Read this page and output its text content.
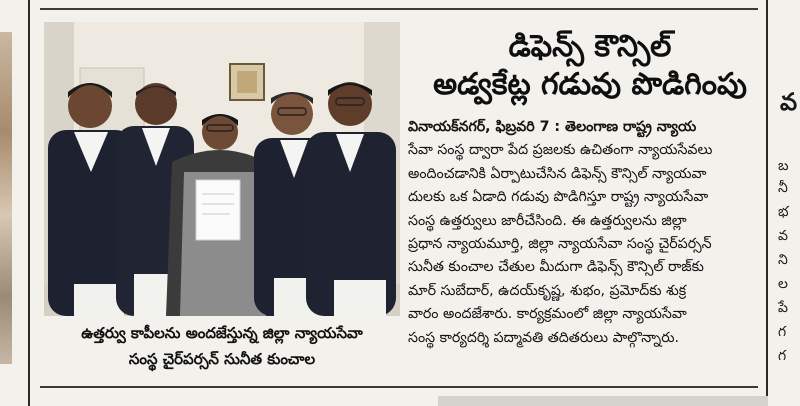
ఉత్తర్వు కాపీలను అందజేస్తున్న జిల్లా న్యాయసేవా
సంస్థ చైర్‌పర్సన్ సునీత కుంచాల
డిఫెన్స్ కౌన్సిల్
అడ్వకేట్ల గడువు పొడిగింపు
వినాయక్‌నగర్, ఫిబ్రవరి 7 : తెలంగాణ రాష్ట్ర న్యాయ
సేవా సంస్థ ద్వారా పేద ప్రజలకు ఉచితంగా న్యాయసేవలు
అందించడానికి ఏర్పాటుచేసిన డిఫెన్స్ కౌన్సిల్ న్యాయవా
దులకు ఒక ఏడాది గడువు పొడిగిస్తూ రాష్ట్ర న్యాయసేవా
సంస్థ ఉత్తర్వులు జారీచేసింది. ఈ ఉత్తర్వులను జిల్లా
ప్రధాన న్యాయమూర్తి, జిల్లా న్యాయసేవా సంస్థ చైర్‌పర్సన్
సునీత కుంచాల చేతుల మీదుగా డిఫెన్స్ కౌన్సిల్ రాజ్‌కు
మార్ సుబేదార్, ఉదయ్‌కృష్ణ, శుభం, ప్రమోద్‌కు శుక్ర
వారం అందజేశారు. కార్యక్రమంలో జిల్లా న్యాయసేవా
సంస్థ కార్యదర్శి పద్మావతి తదితరులు పాల్గొన్నారు.
వ
బ
నీ
భ
వ
ని
ల
పే
గ
గ
